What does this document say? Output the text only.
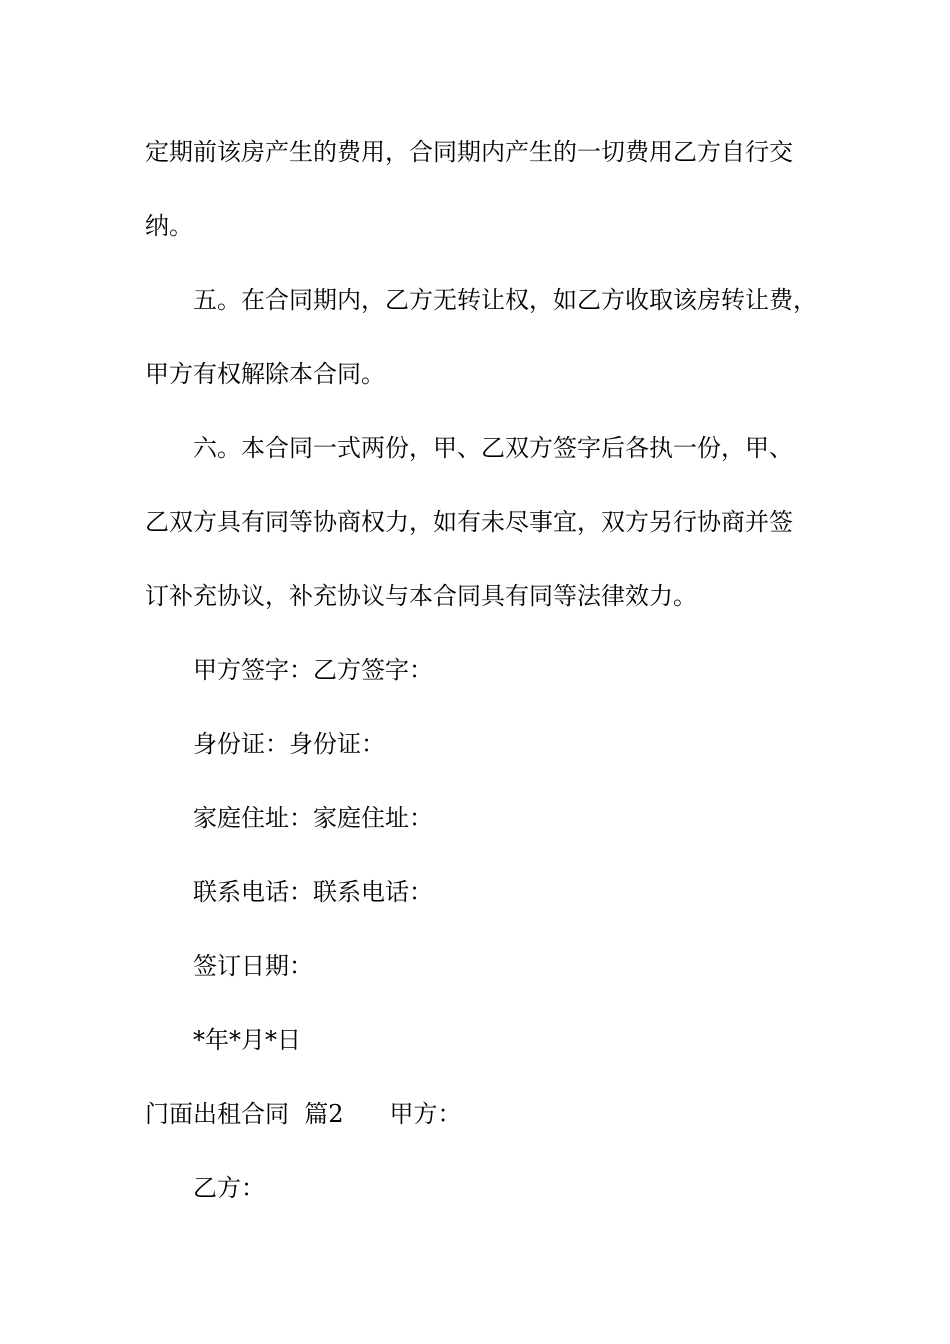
定期前该房产生的费用，合同期内产生的一切费用乙方自行交
纳。
五。在合同期内，乙方无转让权，如乙方收取该房转让费，
甲方有权解除本合同。
六。本合同一式两份，甲、乙双方签字后各执一份，甲、
乙双方具有同等协商权力，如有未尽事宜，双方另行协商并签
订补充协议，补充协议与本合同具有同等法律效力。
甲方签字：乙方签字：
身份证：身份证：
家庭住址：家庭住址：
联系电话：联系电话：
签订日期：
*年*月*日
门面出租合同 篇2 甲方：
乙方：
